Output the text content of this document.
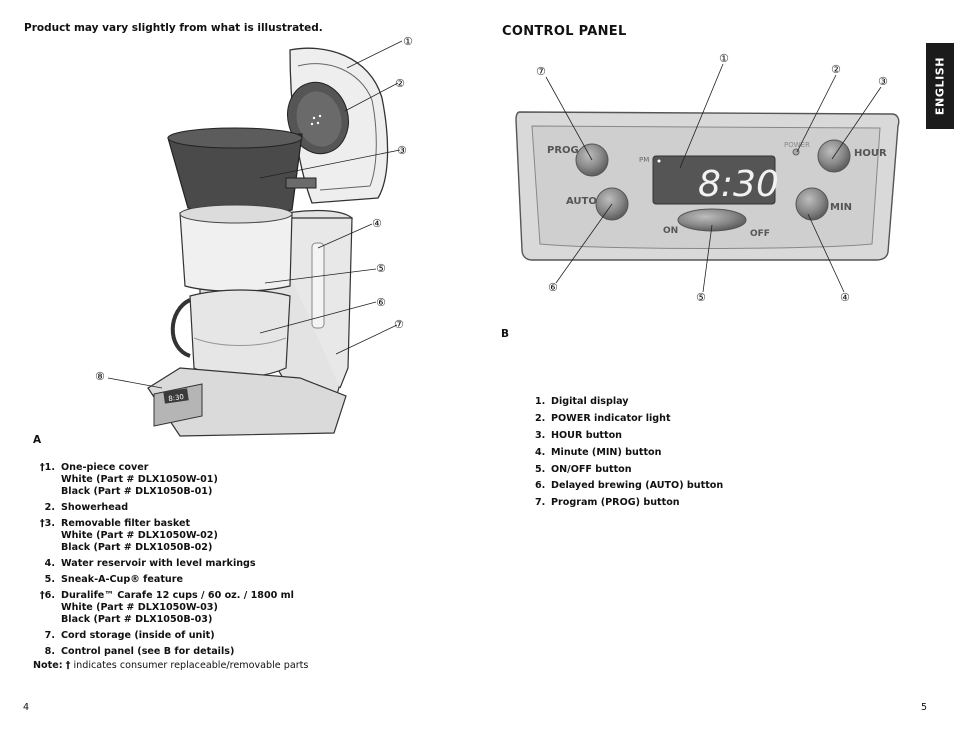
Product may vary slightly from what is illustrated.
8:30
①
②
③
④
⑤
⑥
⑦
⑧
A
†1. One-piece cover
White (Part # DLX1050W-01)
Black (Part # DLX1050B-01)
2. Showerhead
†3. Removable filter basket
White (Part # DLX1050W-02)
Black (Part # DLX1050B-02)
4. Water reservoir with level markings
5. Sneak-A-Cup® feature
†6. Duralife™ Carafe 12 cups / 60 oz. / 1800 ml
White (Part # DLX1050W-03)
Black (Part # DLX1050B-03)
7. Cord storage (inside of unit)
8. Control panel (see B for details)
Note: † indicates consumer replaceable/removable parts
4
CONTROL PANEL
ENGLISH
8:30
PM
POWER
PROG	HOUR
AUTO
MIN
ON	OFF
①
②
③
④
⑤
⑥
⑦
B
1. Digital display
2. POWER indicator light
3. HOUR button
4. Minute (MIN) button
5. ON/OFF button
6. Delayed brewing (AUTO) button
7. Program (PROG) button
5
